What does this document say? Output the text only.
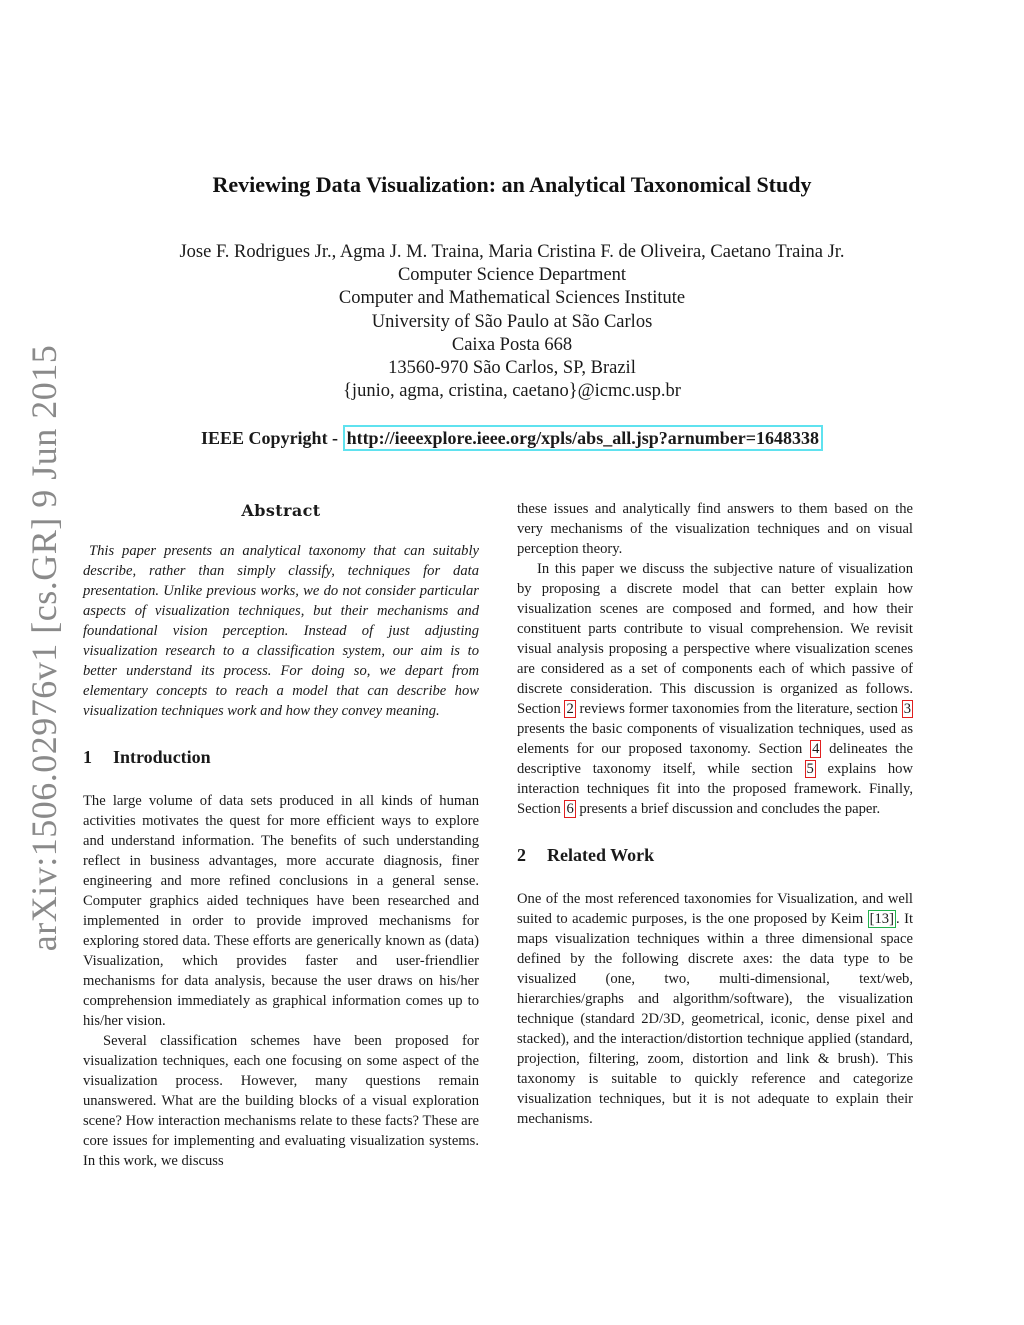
arXiv:1506.02976v1 [cs.GR] 9 Jun 2015
Reviewing Data Visualization: an Analytical Taxonomical Study
Jose F. Rodrigues Jr., Agma J. M. Traina, Maria Cristina F. de Oliveira, Caetano Traina Jr.
Computer Science Department
Computer and Mathematical Sciences Institute
University of São Paulo at São Carlos
Caixa Posta 668
13560-970 São Carlos, SP, Brazil
{junio, agma, cristina, caetano}@icmc.usp.br
IEEE Copyright - http://ieeexplore.ieee.org/xpls/abs_all.jsp?arnumber=1648338
Abstract

This paper presents an analytical taxonomy that can suitably describe, rather than simply classify, techniques for data presentation. Unlike previous works, we do not consider particular aspects of visualization techniques, but their mechanisms and foundational vision perception. Instead of just adjusting visualization research to a classification system, our aim is to better understand its process. For doing so, we depart from elementary concepts to reach a model that can describe how visualization techniques work and how they convey meaning.

1 Introduction

The large volume of data sets produced in all kinds of human activities motivates the quest for more efficient ways to explore and understand information. The benefits of such understanding reflect in business advantages, more accurate diagnosis, finer engineering and more refined conclusions in a general sense. Computer graphics aided techniques have been researched and implemented in order to provide improved mechanisms for exploring stored data. These efforts are generically known as (data) Visualization, which provides faster and user-friendlier mechanisms for data analysis, because the user draws on his/her comprehension immediately as graphical information comes up to his/her vision.

Several classification schemes have been proposed for visualization techniques, each one focusing on some aspect of the visualization process. However, many questions remain unanswered. What are the building blocks of a visual exploration scene? How interaction mechanisms relate to these facts? These are core issues for implementing and evaluating visualization systems. In this work, we discuss

these issues and analytically find answers to them based on the very mechanisms of the visualization techniques and on visual perception theory.

In this paper we discuss the subjective nature of visualization by proposing a discrete model that can better explain how visualization scenes are composed and formed, and how their constituent parts contribute to visual comprehension. We revisit visual analysis proposing a perspective where visualization scenes are considered as a set of components each of which passive of discrete consideration. This discussion is organized as follows. Section 2 reviews former taxonomies from the literature, section 3 presents the basic components of visualization techniques, used as elements for our proposed taxonomy. Section 4 delineates the descriptive taxonomy itself, while section 5 explains how interaction techniques fit into the proposed framework. Finally, Section 6 presents a brief discussion and concludes the paper.

2 Related Work

One of the most referenced taxonomies for Visualization, and well suited to academic purposes, is the one proposed by Keim [13] . It maps visualization techniques within a three dimensional space defined by the following discrete axes: the data type to be visualized (one, two, multi-dimensional, text/web, hierarchies/graphs and algorithm/software), the visualization technique (standard 2D/3D, geometrical, iconic, dense pixel and stacked), and the interaction/distortion technique applied (standard, projection, filtering, zoom, distortion and link & brush). This taxonomy is suitable to quickly reference and categorize visualization techniques, but it is not adequate to explain their mechanisms.
